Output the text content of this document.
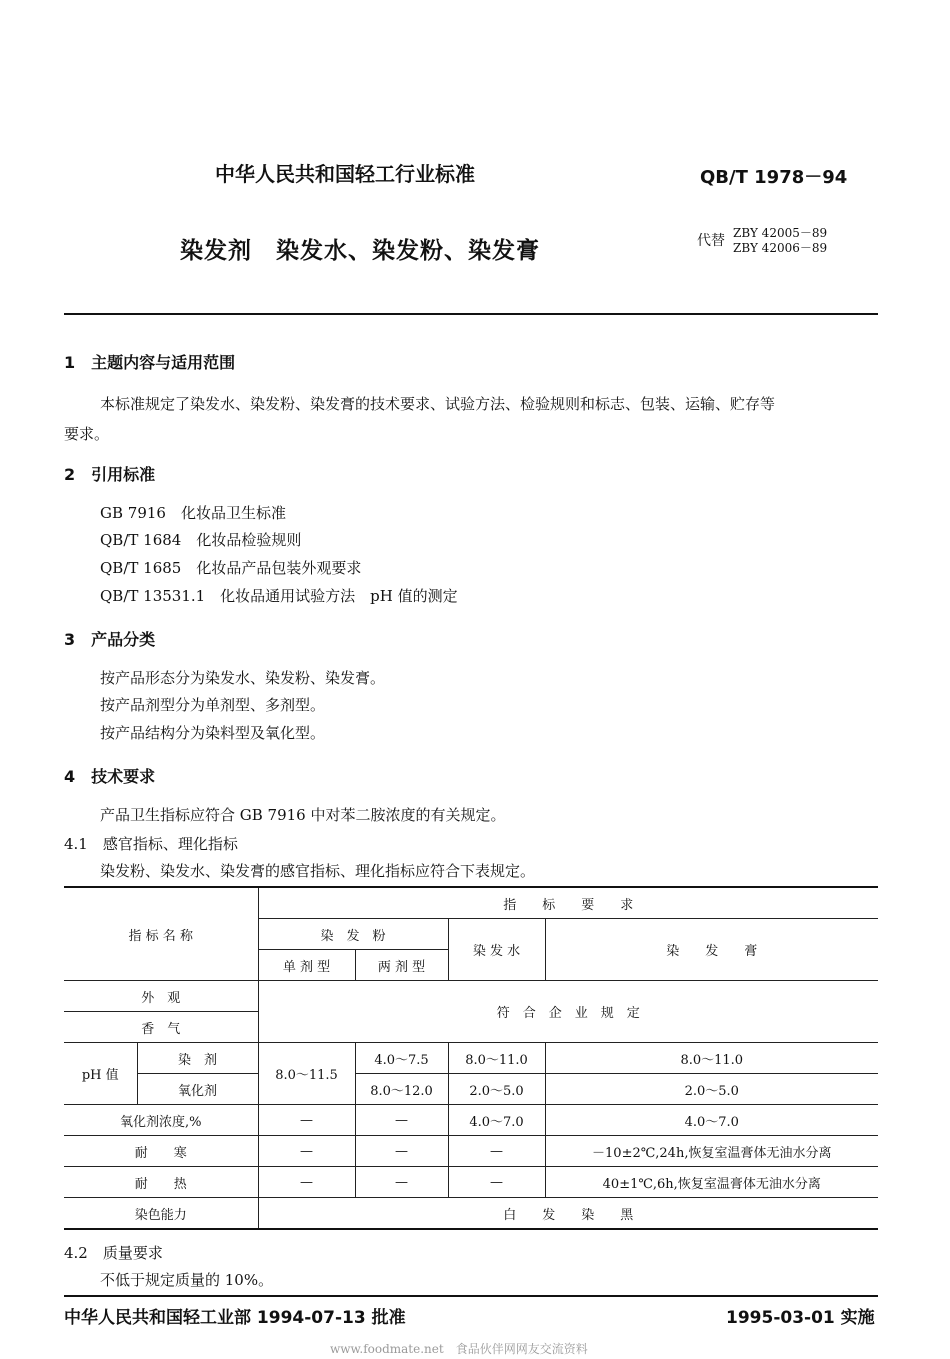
中华人民共和国轻工行业标准	QB/T 1978－94
染发剂　染发水、染发粉、染发膏	代替 ZBY 42005－89
ZBY 42006－89
1　主题内容与适用范围
本标准规定了染发水、染发粉、染发膏的技术要求、试验方法、检验规则和标志、包装、运输、贮存等
要求。
2　引用标准
GB 7916　化妆品卫生标准
QB/T 1684　化妆品检验规则
QB/T 1685　化妆品产品包装外观要求
QB/T 13531.1　化妆品通用试验方法　pH 值的测定
3　产品分类
按产品形态分为染发水、染发粉、染发膏。
按产品剂型分为单剂型、多剂型。
按产品结构分为染料型及氧化型。
4　技术要求
产品卫生指标应符合 GB 7916 中对苯二胺浓度的有关规定。
4.1　感官指标、理化指标
染发粉、染发水、染发膏的感官指标、理化指标应符合下表规定。
指 标 名 称		指　　标　　要　　求			
		染　发　粉		染 发 水	染　　发　　膏
		单 剂 型	两 剂 型		
外　观		符　合　企　业　规　定			
香　气					
pH 值	染　剂	8.0～11.5	4.0～7.5	8.0～11.0	8.0～11.0
	氧化剂		8.0～12.0	2.0～5.0	2.0～5.0
氧化剂浓度,%		—	—	4.0～7.0	4.0～7.0
耐　　寒		—	—	—	－10±2℃,24h,恢复室温膏体无油水分离
耐　　热		—	—	—	40±1℃,6h,恢复室温膏体无油水分离
染色能力		白　　发　　染　　黑			
4.2　质量要求
不低于规定质量的 10%。
中华人民共和国轻工业部 1994-07-13 批准	1995-03-01 实施
www.foodmate.net　食品伙伴网网友交流资料
